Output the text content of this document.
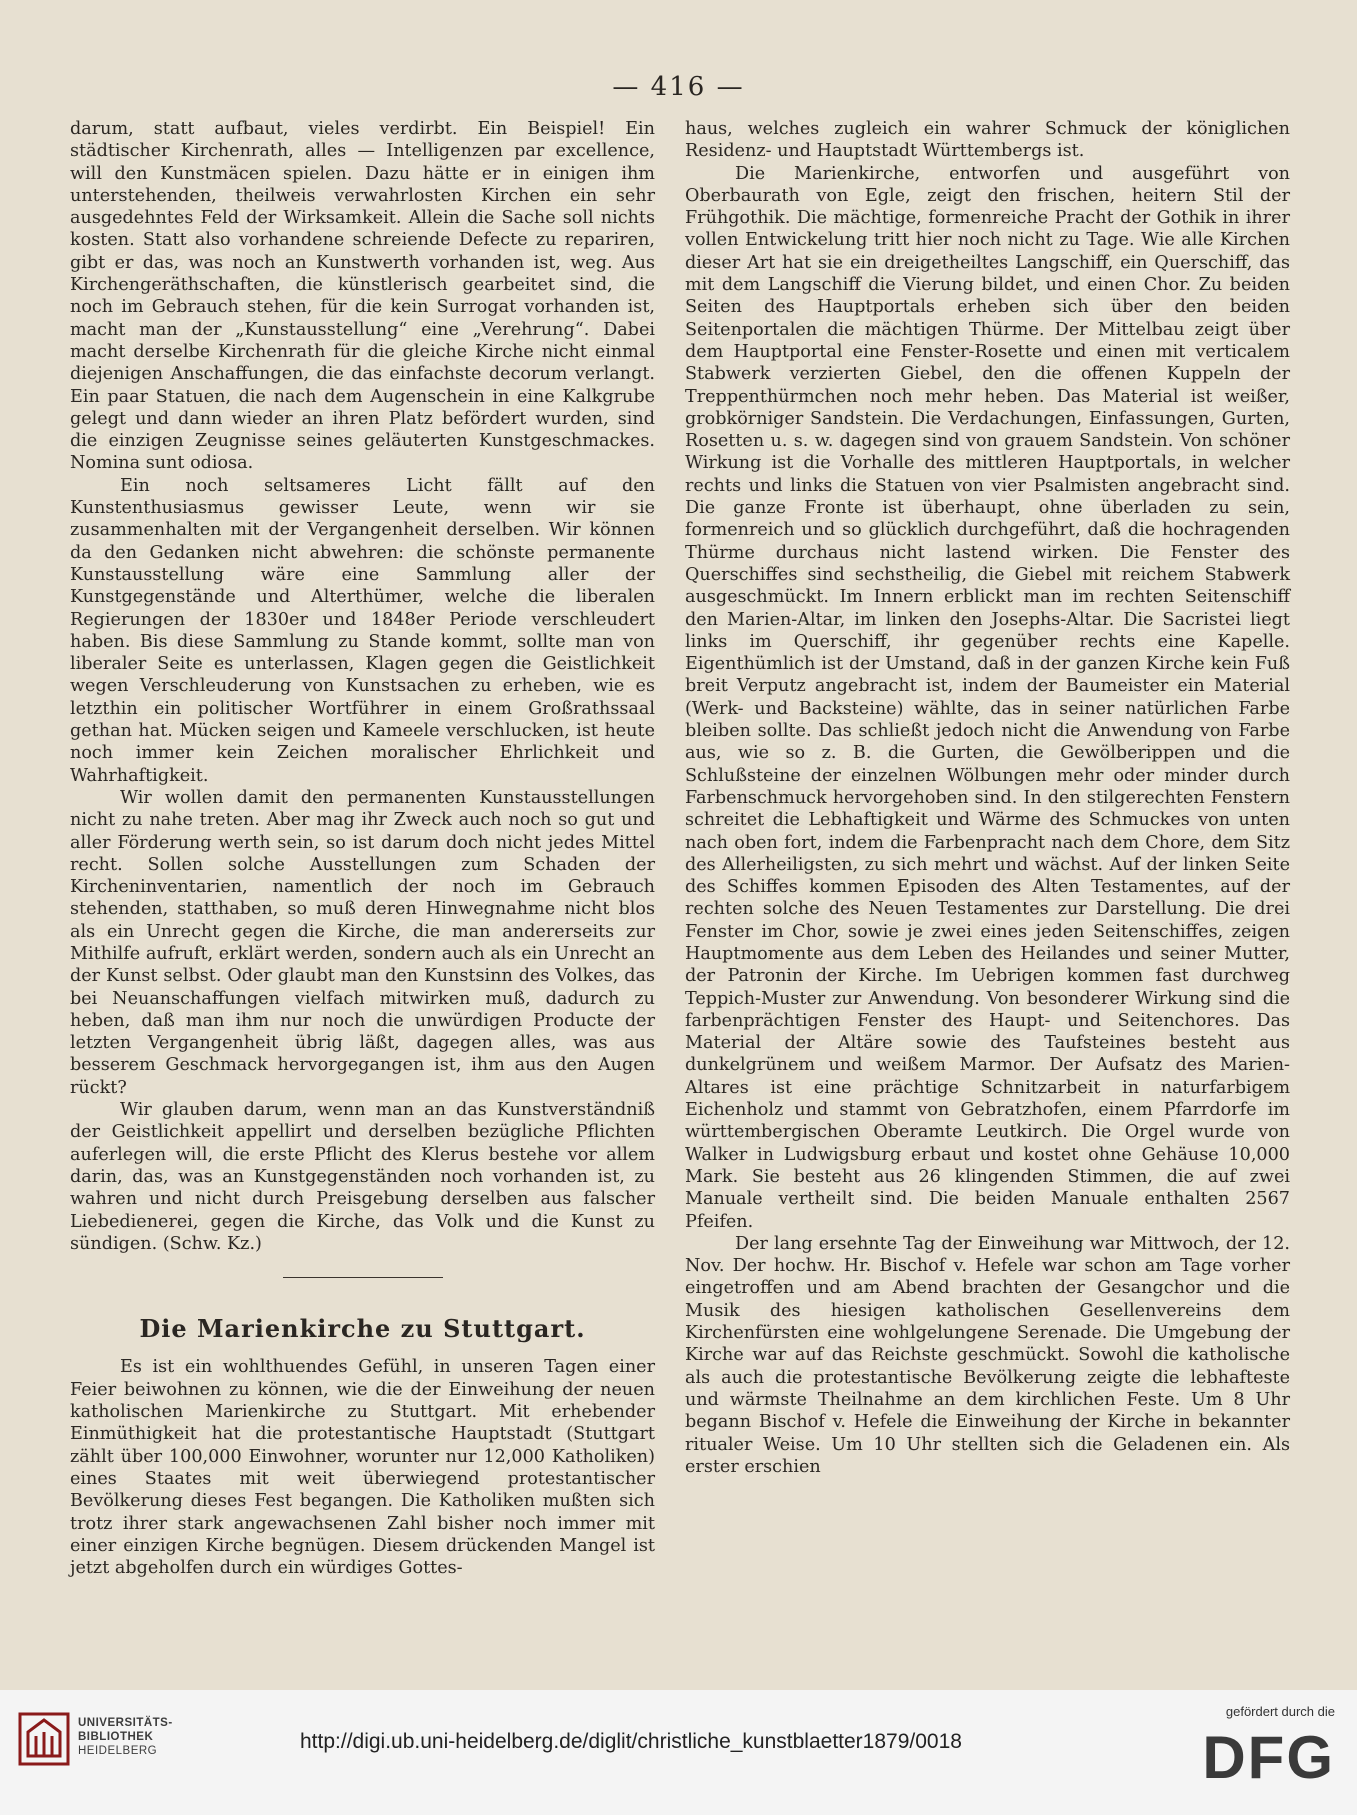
— 416 —

darum, statt aufbaut, vieles verdirbt. Ein Beispiel! Ein städtischer Kirchenrath, alles — Intelligenzen par excellence, will den Kunstmäcen spielen. Dazu hätte er in einigen ihm unterstehenden, theilweis verwahrlosten Kirchen ein sehr ausgedehntes Feld der Wirksamkeit. Allein die Sache soll nichts kosten. Statt also vorhandene schreiende Defecte zu repariren, gibt er das, was noch an Kunstwerth vorhanden ist, weg. Aus Kirchengeräthschaften, die künstlerisch gearbeitet sind, die noch im Gebrauch stehen, für die kein Surrogat vorhanden ist, macht man der „Kunstausstellung“ eine „Verehrung“. Dabei macht derselbe Kirchenrath für die gleiche Kirche nicht einmal diejenigen Anschaffungen, die das einfachste decorum verlangt. Ein paar Statuen, die nach dem Augenschein in eine Kalkgrube gelegt und dann wieder an ihren Platz befördert wurden, sind die einzigen Zeugnisse seines geläuterten Kunstgeschmackes. Nomina sunt odiosa.

Ein noch seltsameres Licht fällt auf den Kunstenthusiasmus gewisser Leute, wenn wir sie zusammenhalten mit der Vergangenheit derselben. Wir können da den Gedanken nicht abwehren: die schönste permanente Kunstausstellung wäre eine Sammlung aller der Kunstgegenstände und Alterthümer, welche die liberalen Regierungen der 1830er und 1848er Periode verschleudert haben. Bis diese Sammlung zu Stande kommt, sollte man von liberaler Seite es unterlassen, Klagen gegen die Geistlichkeit wegen Verschleuderung von Kunstsachen zu erheben, wie es letzthin ein politischer Wortführer in einem Großrathssaal gethan hat. Mücken seigen und Kameele verschlucken, ist heute noch immer kein Zeichen moralischer Ehrlichkeit und Wahrhaftigkeit.

Wir wollen damit den permanenten Kunstausstellungen nicht zu nahe treten. Aber mag ihr Zweck auch noch so gut und aller Förderung werth sein, so ist darum doch nicht jedes Mittel recht. Sollen solche Ausstellungen zum Schaden der Kircheninventarien, namentlich der noch im Gebrauch stehenden, statthaben, so muß deren Hinwegnahme nicht blos als ein Unrecht gegen die Kirche, die man andererseits zur Mithilfe aufruft, erklärt werden, sondern auch als ein Unrecht an der Kunst selbst. Oder glaubt man den Kunstsinn des Volkes, das bei Neuanschaffungen vielfach mitwirken muß, dadurch zu heben, daß man ihm nur noch die unwürdigen Producte der letzten Vergangenheit übrig läßt, dagegen alles, was aus besserem Geschmack hervorgegangen ist, ihm aus den Augen rückt?

Wir glauben darum, wenn man an das Kunstverständniß der Geistlichkeit appellirt und derselben bezügliche Pflichten auferlegen will, die erste Pflicht des Klerus bestehe vor allem darin, das, was an Kunstgegenständen noch vorhanden ist, zu wahren und nicht durch Preisgebung derselben aus falscher Liebedienerei, gegen die Kirche, das Volk und die Kunst zu sündigen. (Schw. Kz.)

Die Marienkirche zu Stuttgart.

Es ist ein wohlthuendes Gefühl, in unseren Tagen einer Feier beiwohnen zu können, wie die der Einweihung der neuen katholischen Marienkirche zu Stuttgart. Mit erhebender Einmüthigkeit hat die protestantische Hauptstadt (Stuttgart zählt über 100,000 Einwohner, worunter nur 12,000 Katholiken) eines Staates mit weit überwiegend protestantischer Bevölkerung dieses Fest begangen. Die Katholiken mußten sich trotz ihrer stark angewachsenen Zahl bisher noch immer mit einer einzigen Kirche begnügen. Diesem drückenden Mangel ist jetzt abgeholfen durch ein würdiges Gottes-

haus, welches zugleich ein wahrer Schmuck der königlichen Residenz- und Hauptstadt Württembergs ist.

Die Marienkirche, entworfen und ausgeführt von Oberbaurath von Egle, zeigt den frischen, heitern Stil der Frühgothik. Die mächtige, formenreiche Pracht der Gothik in ihrer vollen Entwickelung tritt hier noch nicht zu Tage. Wie alle Kirchen dieser Art hat sie ein dreigetheiltes Langschiff, ein Querschiff, das mit dem Langschiff die Vierung bildet, und einen Chor. Zu beiden Seiten des Hauptportals erheben sich über den beiden Seitenportalen die mächtigen Thürme. Der Mittelbau zeigt über dem Hauptportal eine Fenster-Rosette und einen mit verticalem Stabwerk verzierten Giebel, den die offenen Kuppeln der Treppenthürmchen noch mehr heben. Das Material ist weißer, grobkörniger Sandstein. Die Verdachungen, Einfassungen, Gurten, Rosetten u. s. w. dagegen sind von grauem Sandstein. Von schöner Wirkung ist die Vorhalle des mittleren Hauptportals, in welcher rechts und links die Statuen von vier Psalmisten angebracht sind. Die ganze Fronte ist überhaupt, ohne überladen zu sein, formenreich und so glücklich durchgeführt, daß die hochragenden Thürme durchaus nicht lastend wirken. Die Fenster des Querschiffes sind sechstheilig, die Giebel mit reichem Stabwerk ausgeschmückt. Im Innern erblickt man im rechten Seitenschiff den Marien-Altar, im linken den Josephs-Altar. Die Sacristei liegt links im Querschiff, ihr gegenüber rechts eine Kapelle. Eigenthümlich ist der Umstand, daß in der ganzen Kirche kein Fuß breit Verputz angebracht ist, indem der Baumeister ein Material (Werk- und Backsteine) wählte, das in seiner natürlichen Farbe bleiben sollte. Das schließt jedoch nicht die Anwendung von Farbe aus, wie so z. B. die Gurten, die Gewölberippen und die Schlußsteine der einzelnen Wölbungen mehr oder minder durch Farbenschmuck hervorgehoben sind. In den stilgerechten Fenstern schreitet die Lebhaftigkeit und Wärme des Schmuckes von unten nach oben fort, indem die Farbenpracht nach dem Chore, dem Sitz des Allerheiligsten, zu sich mehrt und wächst. Auf der linken Seite des Schiffes kommen Episoden des Alten Testamentes, auf der rechten solche des Neuen Testamentes zur Darstellung. Die drei Fenster im Chor, sowie je zwei eines jeden Seitenschiffes, zeigen Hauptmomente aus dem Leben des Heilandes und seiner Mutter, der Patronin der Kirche. Im Uebrigen kommen fast durchweg Teppich-Muster zur Anwendung. Von besonderer Wirkung sind die farbenprächtigen Fenster des Haupt- und Seitenchores. Das Material der Altäre sowie des Taufsteines besteht aus dunkelgrünem und weißem Marmor. Der Aufsatz des Marien-Altares ist eine prächtige Schnitzarbeit in naturfarbigem Eichenholz und stammt von Gebratzhofen, einem Pfarrdorfe im württembergischen Oberamte Leutkirch. Die Orgel wurde von Walker in Ludwigsburg erbaut und kostet ohne Gehäuse 10,000 Mark. Sie besteht aus 26 klingenden Stimmen, die auf zwei Manuale vertheilt sind. Die beiden Manuale enthalten 2567 Pfeifen.

Der lang ersehnte Tag der Einweihung war Mittwoch, der 12. Nov. Der hochw. Hr. Bischof v. Hefele war schon am Tage vorher eingetroffen und am Abend brachten der Gesangchor und die Musik des hiesigen katholischen Gesellenvereins dem Kirchenfürsten eine wohlgelungene Serenade. Die Umgebung der Kirche war auf das Reichste geschmückt. Sowohl die katholische als auch die protestantische Bevölkerung zeigte die lebhafteste und wärmste Theilnahme an dem kirchlichen Feste. Um 8 Uhr begann Bischof v. Hefele die Einweihung der Kirche in bekannter ritualer Weise. Um 10 Uhr stellten sich die Geladenen ein. Als erster erschien

UNIVERSITÄTS-
BIBLIOTHEK
HEIDELBERG	http://digi.ub.uni-heidelberg.de/diglit/christliche_kunstblaetter1879/0018
gefördert durch die
DFG
